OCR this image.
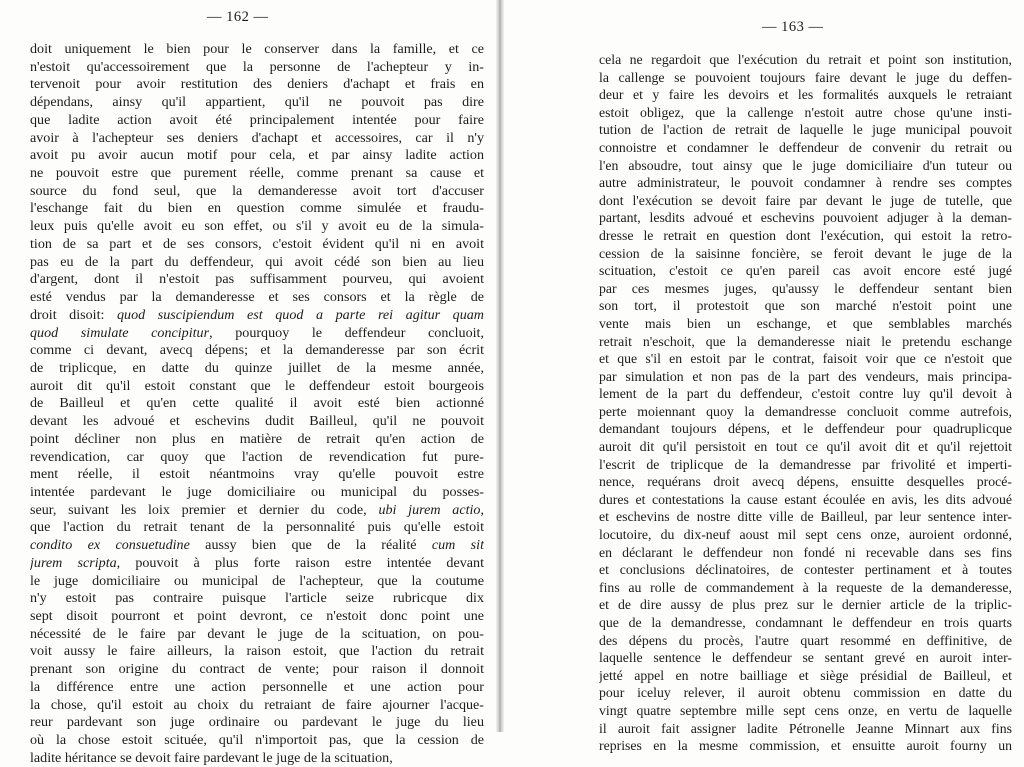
— 162 —
doit uniquement le bien pour le conserver dans la famille, et ce
n'estoit qu'accessoirement que la personne de l'achepteur y in-
tervenoit pour avoir restitution des deniers d'achapt et frais en
dépendans, ainsy qu'il appartient, qu'il ne pouvoit pas dire
que ladite action avoit été principalement intentée pour faire
avoir à l'achepteur ses deniers d'achapt et accessoires, car il n'y
avoit pu avoir aucun motif pour cela, et par ainsy ladite action
ne pouvoit estre que purement réelle, comme prenant sa cause et
source du fond seul, que la demanderesse avoit tort d'accuser
l'eschange fait du bien en question comme simulée et fraudu-
leux puis qu'elle avoit eu son effet, ou s'il y avoit eu de la simula-
tion de sa part et de ses consors, c'estoit évident qu'il ni en avoit
pas eu de la part du deffendeur, qui avoit cédé son bien au lieu
d'argent, dont il n'estoit pas suffisamment pourveu, qui avoient
esté vendus par la demanderesse et ses consors et la règle de
droit disoit: quod suscipiendum est quod a parte rei agitur quam
quod simulate concipitur, pourquoy le deffendeur concluoit,
comme ci devant, avecq dépens; et la demanderesse par son écrit
de triplicque, en datte du quinze juillet de la mesme année,
auroit dit qu'il estoit constant que le deffendeur estoit bourgeois
de Bailleul et qu'en cette qualité il avoit esté bien actionné
devant les advoué et eschevins dudit Bailleul, qu'il ne pouvoit
point décliner non plus en matière de retrait qu'en action de
revendication, car quoy que l'action de revendication fut pure-
ment réelle, il estoit néantmoins vray qu'elle pouvoit estre
intentée pardevant le juge domiciliaire ou municipal du posses-
seur, suivant les loix premier et dernier du code, ubi jurem actio,
que l'action du retrait tenant de la personnalité puis qu'elle estoit
condito ex consuetudine aussy bien que de la réalité cum sit
jurem scripta, pouvoit à plus forte raison estre intentée devant
le juge domiciliaire ou municipal de l'achepteur, que la coutume
n'y estoit pas contraire puisque l'article seize rubricque dix
sept disoit pourront et point devront, ce n'estoit donc point une
nécessité de le faire par devant le juge de la scituation, on pou-
voit aussy le faire ailleurs, la raison estoit, que l'action du retrait
prenant son origine du contract de vente; pour raison il donnoit
la différence entre une action personnelle et une action pour
la chose, qu'il estoit au choix du retraiant de faire ajourner l'acque-
reur pardevant son juge ordinaire ou pardevant le juge du lieu
où la chose estoit scituée, qu'il n'importoit pas, que la cession de
ladite héritance se devoit faire pardevant le juge de la scituation,
— 163 —
cela ne regardoit que l'exécution du retrait et point son institution,
la callenge se pouvoient toujours faire devant le juge du deffen-
deur et y faire les devoirs et les formalités auxquels le retraiant
estoit obligez, que la callenge n'estoit autre chose qu'une insti-
tution de l'action de retrait de laquelle le juge municipal pouvoit
connoistre et condamner le deffendeur de convenir du retrait ou
l'en absoudre, tout ainsy que le juge domiciliaire d'un tuteur ou
autre administrateur, le pouvoit condamner à rendre ses comptes
dont l'exécution se devoit faire par devant le juge de tutelle, que
partant, lesdits advoué et eschevins pouvoient adjuger à la deman-
dresse le retrait en question dont l'exécution, qui estoit la retro-
cession de la saisinne foncière, se feroit devant le juge de la
scituation, c'estoit ce qu'en pareil cas avoit encore esté jugé
par ces mesmes juges, qu'aussy le deffendeur sentant bien
son tort, il protestoit que son marché n'estoit point une
vente mais bien un eschange, et que semblables marchés
retrait n'eschoit, que la demanderesse niait le pretendu eschange
et que s'il en estoit par le contrat, faisoit voir que ce n'estoit que
par simulation et non pas de la part des vendeurs, mais principa-
lement de la part du deffendeur, c'estoit contre luy qu'il devoit à
perte moiennant quoy la demandresse concluoit comme autrefois,
demandant toujours dépens, et le deffendeur pour quadruplicque
auroit dit qu'il persistoit en tout ce qu'il avoit dit et qu'il rejettoit
l'escrit de triplicque de la demandresse par frivolité et imperti-
nence, requérans droit avecq dépens, ensuitte desquelles procé-
dures et contestations la cause estant écoulée en avis, les dits advoué
et eschevins de nostre ditte ville de Bailleul, par leur sentence inter-
locutoire, du dix-neuf aoust mil sept cens onze, auroient ordonné,
en déclarant le deffendeur non fondé ni recevable dans ses fins
et conclusions déclinatoires, de contester pertinament et à toutes
fins au rolle de commandement à la requeste de la demanderesse,
et de dire aussy de plus prez sur le dernier article de la triplic-
que de la demandresse, condamnant le deffendeur en trois quarts
des dépens du procès, l'autre quart resommé en deffinitive, de
laquelle sentence le deffendeur se sentant grevé en auroit inter-
jetté appel en notre bailliage et siège présidial de Bailleul, et
pour iceluy relever, il auroit obtenu commission en datte du
vingt quatre septembre mille sept cens onze, en vertu de laquelle
il auroit fait assigner ladite Pétronelle Jeanne Minnart aux fins
reprises en la mesme commission, et ensuitte auroit fourny un
